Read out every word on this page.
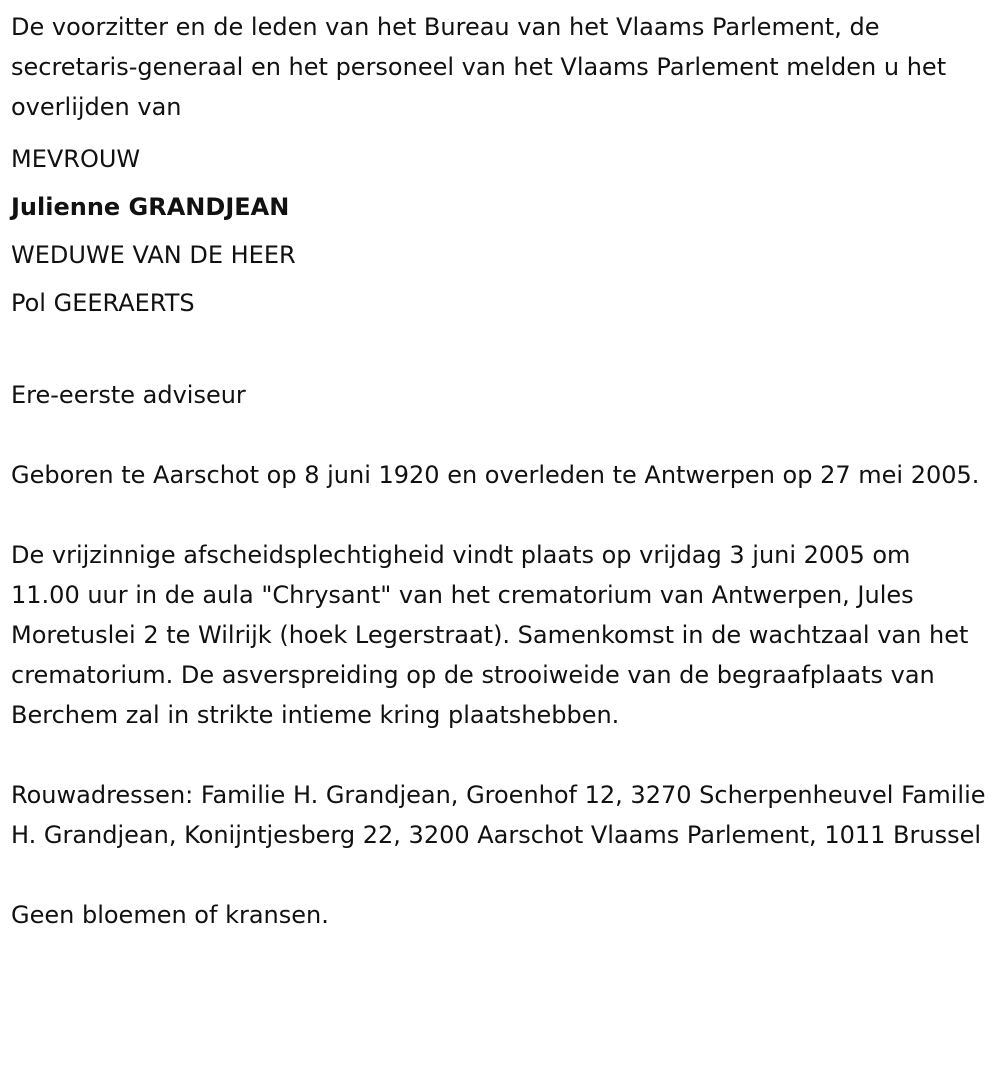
De voorzitter en de leden van het Bureau van het Vlaams Parlement, de secretaris-generaal en het personeel van het Vlaams Parlement melden u het overlijden van

MEVROUW

Julienne GRANDJEAN

WEDUWE VAN DE HEER

Pol GEERAERTS

Ere-eerste adviseur

Geboren te Aarschot op 8 juni 1920 en overleden te Antwerpen op 27 mei 2005.

De vrijzinnige afscheidsplechtigheid vindt plaats op vrijdag 3 juni 2005 om 11.00 uur in de aula "Chrysant" van het crematorium van Antwerpen, Jules Moretuslei 2 te Wilrijk (hoek Legerstraat). Samenkomst in de wachtzaal van het crematorium. De asverspreiding op de strooiweide van de begraafplaats van Berchem zal in strikte intieme kring plaatshebben.

Rouwadressen: Familie H. Grandjean, Groenhof 12, 3270 Scherpenheuvel Familie H. Grandjean, Konijntjesberg 22, 3200 Aarschot Vlaams Parlement, 1011 Brussel

Geen bloemen of kransen.
